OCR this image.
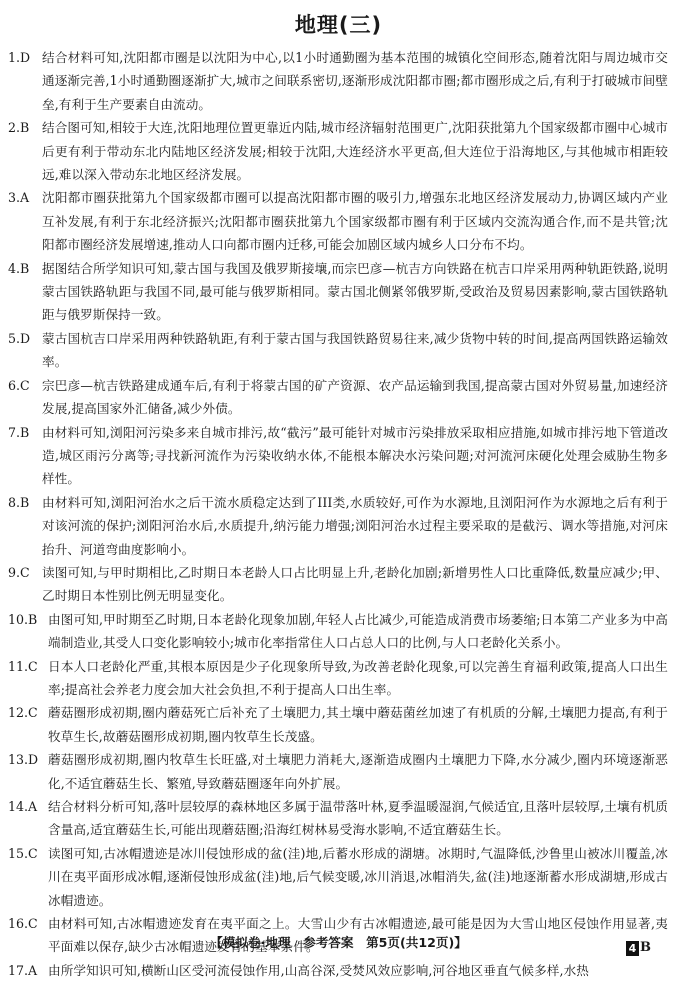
地理(三)
1.D 结合材料可知,沈阳都市圈是以沈阳为中心,以1小时通勤圈为基本范围的城镇化空间形态,随着沈阳与周边城市交通逐渐完善,1小时通勤圈逐渐扩大,城市之间联系密切,逐渐形成沈阳都市圈;都市圈形成之后,有利于打破城市间壁垒,有利于生产要素自由流动。
2.B	结合图可知,相较于大连,沈阳地理位置更靠近内陆,城市经济辐射范围更广,沈阳获批第九个国家级都市圈中心城市后更有利于带动东北内陆地区经济发展;相较于沈阳,大连经济水平更高,但大连位于沿海地区,与其他城市相距较远,难以深入带动东北地区经济发展。
3.A	沈阳都市圈获批第九个国家级都市圈可以提高沈阳都市圈的吸引力,增强东北地区经济发展动力,协调区域内产业互补发展,有利于东北经济振兴;沈阳都市圈获批第九个国家级都市圈有利于区域内交流沟通合作,而不是共管;沈阳都市圈经济发展增速,推动人口向都市圈内迁移,可能会加剧区域内城乡人口分布不均。
4.B	据图结合所学知识可知,蒙古国与我国及俄罗斯接壤,而宗巴彦—杭吉方向铁路在杭吉口岸采用两种轨距铁路,说明蒙古国铁路轨距与我国不同,最可能与俄罗斯相同。蒙古国北侧紧邻俄罗斯,受政治及贸易因素影响,蒙古国铁路轨距与俄罗斯保持一致。
5.D 蒙古国杭吉口岸采用两种铁路轨距,有利于蒙古国与我国铁路贸易往来,减少货物中转的时间,提高两国铁路运输效率。
6.C 宗巴彦—杭吉铁路建成通车后,有利于将蒙古国的矿产资源、农产品运输到我国,提高蒙古国对外贸易量,加速经济发展,提高国家外汇储备,减少外债。
7.B	由材料可知,浏阳河污染多来自城市排污,故“截污”最可能针对城市污染排放采取相应措施,如城市排污地下管道改造,城区雨污分离等;寻找新河流作为污染收纳水体,不能根本解决水污染问题;对河流河床硬化处理会威胁生物多样性。
8.B	由材料可知,浏阳河治水之后干流水质稳定达到了III类,水质较好,可作为水源地,且浏阳河作为水源地之后有利于对该河流的保护;浏阳河治水后,水质提升,纳污能力增强;浏阳河治水过程主要采取的是截污、调水等措施,对河床抬升、河道弯曲度影响小。
9.C 读图可知,与甲时期相比,乙时期日本老龄人口占比明显上升,老龄化加剧;新增男性人口比重降低,数量应减少;甲、乙时期日本性别比例无明显变化。
10.B 由图可知,甲时期至乙时期,日本老龄化现象加剧,年轻人占比减少,可能造成消费市场萎缩;日本第二产业多为中高端制造业,其受人口变化影响较小;城市化率指常住人口占总人口的比例,与人口老龄化关系小。
11.C 日本人口老龄化严重,其根本原因是少子化现象所导致,为改善老龄化现象,可以完善生育福利政策,提高人口出生率;提高社会养老力度会加大社会负担,不利于提高人口出生率。
12.C 蘑菇圈形成初期,圈内蘑菇死亡后补充了土壤肥力,其土壤中蘑菇菌丝加速了有机质的分解,土壤肥力提高,有利于牧草生长,故蘑菇圈形成初期,圈内牧草生长茂盛。
13.D 蘑菇圈形成初期,圈内牧草生长旺盛,对土壤肥力消耗大,逐渐造成圈内土壤肥力下降,水分减少,圈内环境逐渐恶化,不适宜蘑菇生长、繁殖,导致蘑菇圈逐年向外扩展。
14.A 结合材料分析可知,落叶层较厚的森林地区多属于温带落叶林,夏季温暖湿润,气候适宜,且落叶层较厚,土壤有机质含量高,适宜蘑菇生长,可能出现蘑菇圈;沿海红树林易受海水影响,不适宜蘑菇生长。
15.C 读图可知,古冰帽遗迹是冰川侵蚀形成的盆(洼)地,后蓄水形成的湖塘。冰期时,气温降低,沙鲁里山被冰川覆盖,冰川在夷平面形成冰帽,逐渐侵蚀形成盆(洼)地,后气候变暖,冰川消退,冰帽消失,盆(洼)地逐渐蓄水形成湖塘,形成古冰帽遗迹。
16.C 由材料可知,古冰帽遗迹发育在夷平面之上。大雪山少有古冰帽遗迹,最可能是因为大雪山地区侵蚀作用显著,夷平面难以保存,缺少古冰帽遗迹发育的基本条件。
17.A 由所学知识可知,横断山区受河流侵蚀作用,山高谷深,受焚风效应影响,河谷地区垂直气候多样,水热
【模拟卷·地理　参考答案　第5页(共12页)】	4 B
